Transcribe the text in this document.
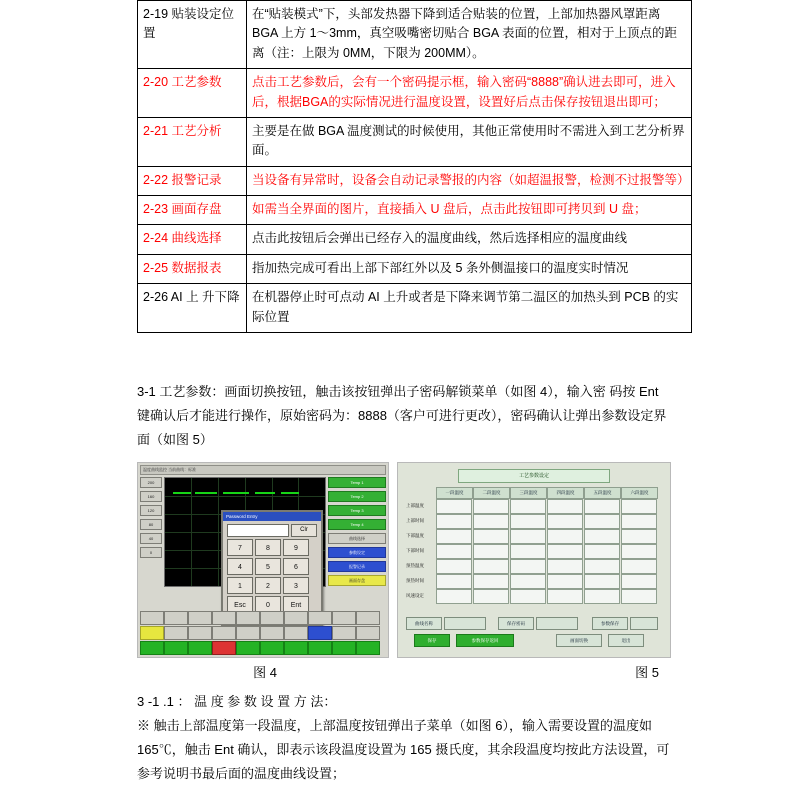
2-19 贴装设定位置	在“贴装模式”下，头部发热器下降到适合贴装的位置，上部加热器风罩距离 BGA 上方 1～3mm，真空吸嘴密切贴合 BGA 表面的位置，相对于上顶点的距离（注：上限为 0MM，下限为 200MM）。
2-20 工艺参数	点击工艺参数后，会有一个密码提示框，输入密码“8888”确认进去即可，进入后，根据BGA的实际情况进行温度设置，设置好后点击保存按钮退出即可；
2-21 工艺分析	主要是在做 BGA 温度测试的时候使用，其他正常使用时不需进入到工艺分析界面。
2-22 报警记录	当设备有异常时，设备会自动记录警报的内容（如超温报警，检测不过报警等）
2-23 画面存盘	如需当全界面的图片，直接插入 U 盘后，点击此按钮即可拷贝到 U 盘；
2-24 曲线选择	点击此按钮后会弹出已经存入的温度曲线，然后选择相应的温度曲线
2-25 数据报表	指加热完成可看出上部下部红外以及 5 条外侧温接口的温度实时情况
2-26 AI 上 升下降	在机器停止时可点动 AI 上升或者是下降来调节第二温区的加热头到 PCB 的实际位置
3-1 工艺参数：画面切换按钮，触击该按钮弹出子密码解锁菜单（如图 4），输入密 码按 Ent 键确认后才能进行操作，原始密码为：8888（客户可进行更改），密码确认让弹出参数设定界面（如图 5）
温度曲线监控 当前曲线：标准
200
160
120
80
40
0
Password Entry
Clr
7	8	9
4	5	6
1	2	3
Esc	0	Ent
Temp 1
Temp 2
Temp 3
Temp 4
曲线选择
参数设定
报警记录
画面存盘
工艺参数设定
一段温度	二段温度	三段温度	四段温度	五段温度	六段温度
上部温度
上部时间
下部温度
下部时间
预热温度
预热时间
风速设定
曲线名称	保存密码	参数保存
保存	参数保存返回	画面切换	退出
图 4	图 5
3 -1 .1 ： 温 度 参 数 设 置 方 法：
※ 触击上部温度第一段温度，上部温度按钮弹出子菜单（如图 6），输入需要设置的温度如 165℃，触击 Ent 确认，即表示该段温度设置为 165 摄氏度，其余段温度均按此方法设置，可参考说明书最后面的温度曲线设置；
